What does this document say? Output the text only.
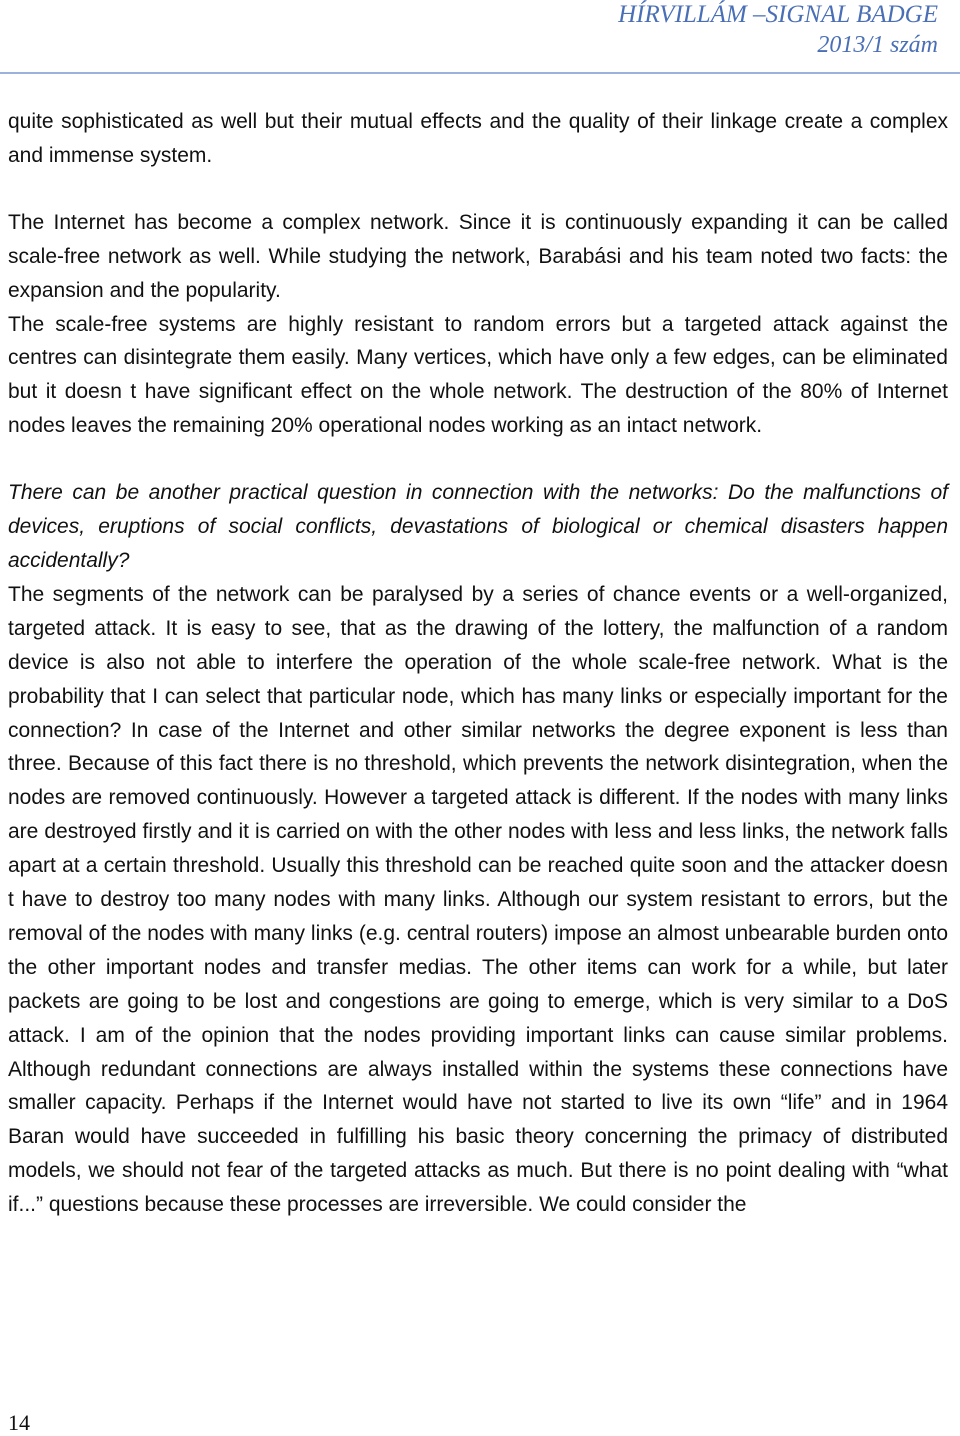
HÍRVILLÁM –SIGNAL BADGE
2013/1 szám

quite sophisticated as well but their mutual effects and the quality of their linkage create a complex and immense system.

The Internet has become a complex network. Since it is continuously expanding it can be called scale-free network as well. While studying the network, Barabási and his team noted two facts: the expansion and the popularity.

The scale-free systems are highly resistant to random errors but a targeted attack against the centres can disintegrate them easily. Many vertices, which have only a few edges, can be eliminated but it doesn t have significant effect on the whole network. The destruction of the 80% of Internet nodes leaves the remaining 20% operational nodes working as an intact network.

There can be another practical question in connection with the networks: Do the malfunctions of devices, eruptions of social conflicts, devastations of biological or chemical disasters happen accidentally?

The segments of the network can be paralysed by a series of chance events or a well-organized, targeted attack. It is easy to see, that as the drawing of the lottery, the malfunction of a random device is also not able to interfere the operation of the whole scale-free network. What is the probability that I can select that particular node, which has many links or especially important for the connection? In case of the Internet and other similar networks the degree exponent is less than three. Because of this fact there is no threshold, which prevents the network disintegration, when the nodes are removed continuously. However a targeted attack is different. If the nodes with many links are destroyed firstly and it is carried on with the other nodes with less and less links, the network falls apart at a certain threshold. Usually this threshold can be reached quite soon and the attacker doesn t have to destroy too many nodes with many links. Although our system resistant to errors, but the removal of the nodes with many links (e.g. central routers) impose an almost unbearable burden onto the other important nodes and transfer medias. The other items can work for a while, but later packets are going to be lost and congestions are going to emerge, which is very similar to a DoS attack. I am of the opinion that the nodes providing important links can cause similar problems. Although redundant connections are always installed within the systems these connections have smaller capacity. Perhaps if the Internet would have not started to live its own “life” and in 1964 Baran would have succeeded in fulfilling his basic theory concerning the primacy of distributed models, we should not fear of the targeted attacks as much. But there is no point dealing with “what if...” questions because these processes are irreversible. We could consider the

14
